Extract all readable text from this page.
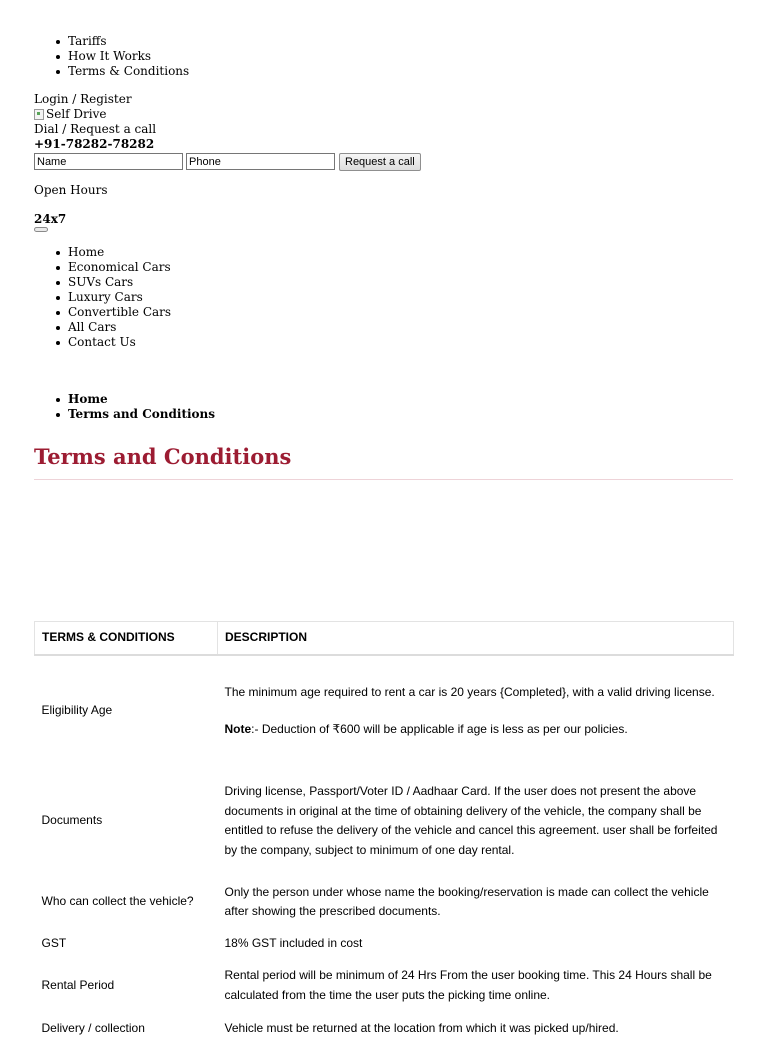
Tariffs
How It Works
Terms & Conditions
Login / Register
Self Drive
Dial / Request a call
+91-78282-78282
Name
Phone
Request a call
Open Hours
24x7
Home
Economical Cars
SUVs Cars
Luxury Cars
Convertible Cars
All Cars
Contact Us
Home
Terms and Conditions
Terms and Conditions
TERMS & CONDITIONS	DESCRIPTION
Eligibility Age	The minimum age required to rent a car is 20 years {Completed}, with a valid driving license.

Note:- Deduction of ₹600 will be applicable if age is less as per our policies.

Documents	Driving license, Passport/Voter ID / Aadhaar Card. If the user does not present the above documents in original at the time of obtaining delivery of the vehicle, the company shall be entitled to refuse the delivery of the vehicle and cancel this agreement. user shall be forfeited by the company, subject to minimum of one day rental.
Who can collect the vehicle?	Only the person under whose name the booking/reservation is made can collect the vehicle after showing the prescribed documents.
GST	18% GST included in cost
Rental Period	Rental period will be minimum of 24 Hrs From the user booking time. This 24 Hours shall be calculated from the time the user puts the picking time online.
Delivery / collection	Vehicle must be returned at the location from which it was picked up/hired.
